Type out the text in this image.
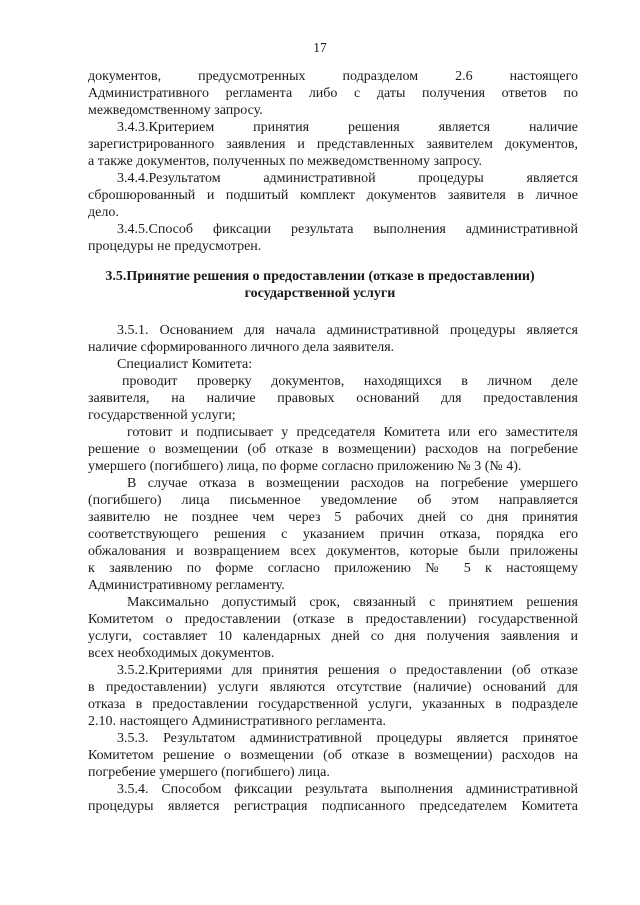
17
3.5.Принятие решения о предоставлении (отказе в предоставлении)
государственной услуги
документов, предусмотренных подразделом 2.6 настоящего
Административного регламента либо с даты получения ответов по
межведомственному запросу.
3.4.3.Критерием принятия решения является наличие
зарегистрированного заявления и представленных заявителем документов,
а также документов, полученных по межведомственному запросу.
3.4.4.Результатом административной процедуры является
сброшюрованный и подшитый комплект документов заявителя в личное
дело.
3.4.5.Способ фиксации результата выполнения административной
процедуры не предусмотрен.
3.5.1. Основанием для начала административной процедуры является
наличие сформированного личного дела заявителя.
Специалист Комитета:
проводит проверку документов, находящихся в личном деле
заявителя, на наличие правовых оснований для предоставления
государственной услуги;
готовит и подписывает у председателя Комитета или его заместителя
решение о возмещении (об отказе в возмещении) расходов на погребение
умершего (погибшего) лица, по форме согласно приложению № 3 (№ 4).
В случае отказа в возмещении расходов на погребение умершего
(погибшего) лица письменное уведомление об этом направляется
заявителю не позднее чем через 5 рабочих дней со дня принятия
соответствующего решения с указанием причин отказа, порядка его
обжалования и возвращением всех документов, которые были приложены
к заявлению по форме согласно приложению № 5 к настоящему
Административному регламенту.
Максимально допустимый срок, связанный с принятием решения
Комитетом о предоставлении (отказе в предоставлении) государственной
услуги, составляет 10 календарных дней со дня получения заявления и
всех необходимых документов.
3.5.2.Критериями для принятия решения о предоставлении (об отказе
в предоставлении) услуги являются отсутствие (наличие) оснований для
отказа в предоставлении государственной услуги, указанных в подразделе
2.10. настоящего Административного регламента.
3.5.3. Результатом административной процедуры является принятое
Комитетом решение о возмещении (об отказе в возмещении) расходов на
погребение умершего (погибшего) лица.
3.5.4. Способом фиксации результата выполнения административной
процедуры является регистрация подписанного председателем Комитета
